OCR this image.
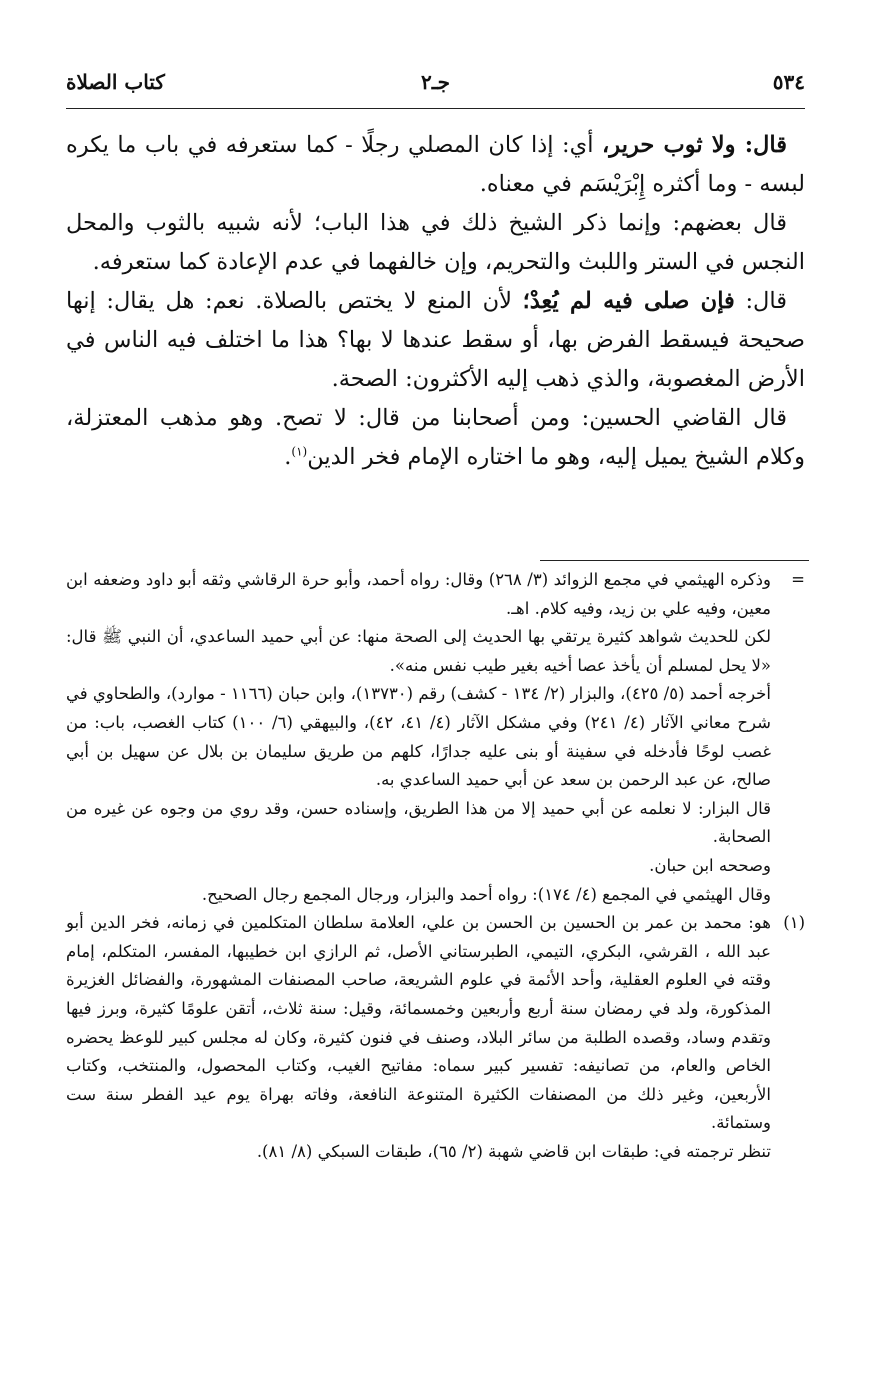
٥٣٤
جـ٢
كتاب الصلاة

قال: ولا ثوب حرير، أي: إذا كان المصلي رجلًا - كما ستعرفه في باب ما يكره لبسه - وما أكثره إِبْرَيْسَم في معناه.

قال بعضهم: وإنما ذكر الشيخ ذلك في هذا الباب؛ لأنه شبيه بالثوب والمحل النجس في الستر واللبث والتحريم، وإن خالفهما في عدم الإعادة كما ستعرفه.

قال: فإن صلى فيه لم يُعِدْ؛ لأن المنع لا يختص بالصلاة. نعم: هل يقال: إنها صحيحة فيسقط الفرض بها، أو سقط عندها لا بها؟ هذا ما اختلف فيه الناس في الأرض المغصوبة، والذي ذهب إليه الأكثرون: الصحة.

قال القاضي الحسين: ومن أصحابنا من قال: لا تصح. وهو مذهب المعتزلة، وكلام الشيخ يميل إليه، وهو ما اختاره الإمام فخر الدين$^{(١)}$.

=

وذكره الهيثمي في مجمع الزوائد (٣/ ٢٦٨) وقال: رواه أحمد، وأبو حرة الرقاشي وثقه أبو داود وضعفه ابن معين، وفيه علي بن زيد، وفيه كلام. اهـ.

لكن للحديث شواهد كثيرة يرتقي بها الحديث إلى الصحة منها: عن أبي حميد الساعدي، أن النبي ﷺ قال: «لا يحل لمسلم أن يأخذ عصا أخيه بغير طيب نفس منه».

أخرجه أحمد (٥/ ٤٢٥)، والبزار (٢/ ١٣٤ - كشف) رقم (١٣٧٣٠)، وابن حبان (١١٦٦ - موارد)، والطحاوي في شرح معاني الآثار (٤/ ٢٤١) وفي مشكل الآثار (٤/ ٤١، ٤٢)، والبيهقي (٦/ ١٠٠) كتاب الغصب، باب: من غصب لوحًا فأدخله في سفينة أو بنى عليه جدارًا، كلهم من طريق سليمان بن بلال عن سهيل بن أبي صالح، عن عبد الرحمن بن سعد عن أبي حميد الساعدي به.

قال البزار: لا نعلمه عن أبي حميد إلا من هذا الطريق، وإسناده حسن، وقد روي من وجوه عن غيره من الصحابة.

وصححه ابن حبان.

وقال الهيثمي في المجمع (٤/ ١٧٤): رواه أحمد والبزار، ورجال المجمع رجال الصحيح.

(١)

هو: محمد بن عمر بن الحسين بن الحسن بن علي، العلامة سلطان المتكلمين في زمانه، فخر الدين أبو عبد الله ، القرشي، البكري، التيمي، الطبرستاني الأصل، ثم الرازي ابن خطيبها، المفسر، المتكلم، إمام وقته في العلوم العقلية، وأحد الأئمة في علوم الشريعة، صاحب المصنفات المشهورة، والفضائل الغزيرة المذكورة، ولد في رمضان سنة أربع وأربعين وخمسمائة، وقيل: سنة ثلاث،، أتقن علومًا كثيرة، وبرز فيها وتقدم وساد، وقصده الطلبة من سائر البلاد، وصنف في فنون كثيرة، وكان له مجلس كبير للوعظ يحضره الخاص والعام، من تصانيفه: تفسير كبير سماه: مفاتيح الغيب، وكتاب المحصول، والمنتخب، وكتاب الأربعين، وغير ذلك من المصنفات الكثيرة المتنوعة النافعة، وفاته بهراة يوم عيد الفطر سنة ست وستمائة.

تنظر ترجمته في: طبقات ابن قاضي شهبة (٢/ ٦٥)، طبقات السبكي (٨/ ٨١).
